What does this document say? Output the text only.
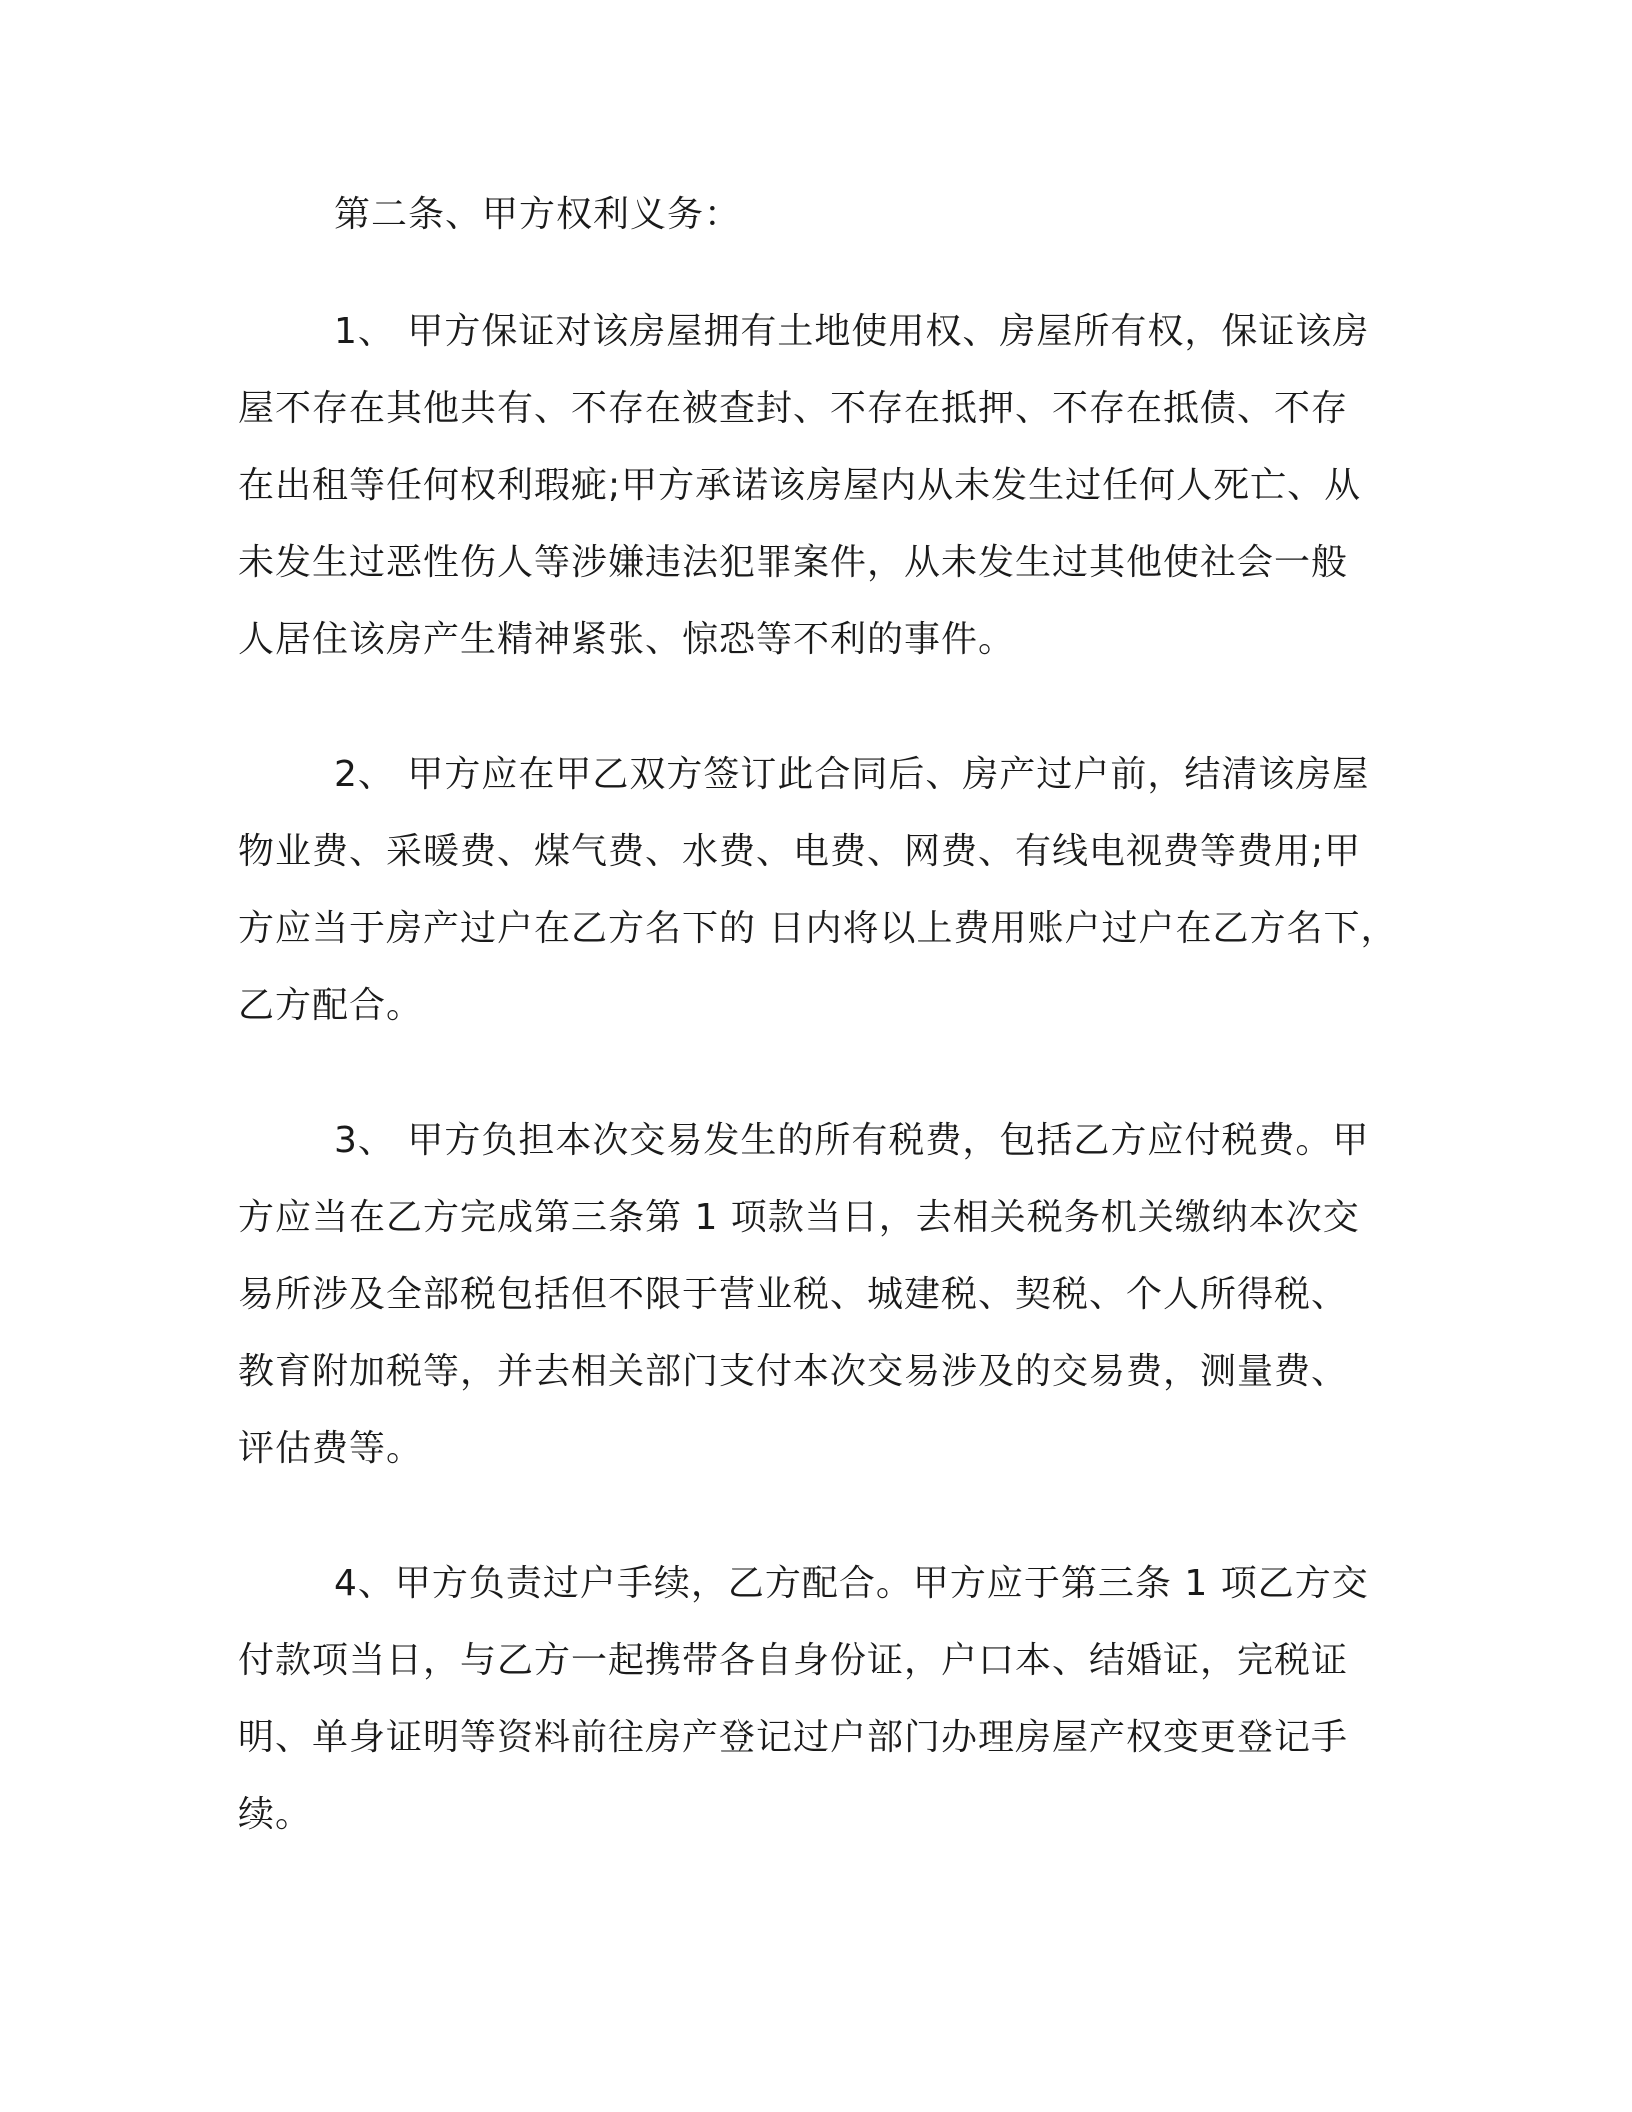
第二条、甲方权利义务：
1、 甲方保证对该房屋拥有土地使用权、房屋所有权，保证该房
屋不存在其他共有、不存在被查封、不存在抵押、不存在抵债、不存
在出租等任何权利瑕疵;甲方承诺该房屋内从未发生过任何人死亡、从
未发生过恶性伤人等涉嫌违法犯罪案件，从未发生过其他使社会一般
人居住该房产生精神紧张、惊恐等不利的事件。
2、 甲方应在甲乙双方签订此合同后、房产过户前，结清该房屋
物业费、采暖费、煤气费、水费、电费、网费、有线电视费等费用;甲
方应当于房产过户在乙方名下的 日内将以上费用账户过户在乙方名下，
乙方配合。
3、 甲方负担本次交易发生的所有税费，包括乙方应付税费。甲
方应当在乙方完成第三条第 1 项款当日，去相关税务机关缴纳本次交
易所涉及全部税包括但不限于营业税、城建税、契税、个人所得税、
教育附加税等，并去相关部门支付本次交易涉及的交易费，测量费、
评估费等。
4、甲方负责过户手续，乙方配合。甲方应于第三条 1 项乙方交
付款项当日，与乙方一起携带各自身份证，户口本、结婚证，完税证
明、单身证明等资料前往房产登记过户部门办理房屋产权变更登记手
续。
